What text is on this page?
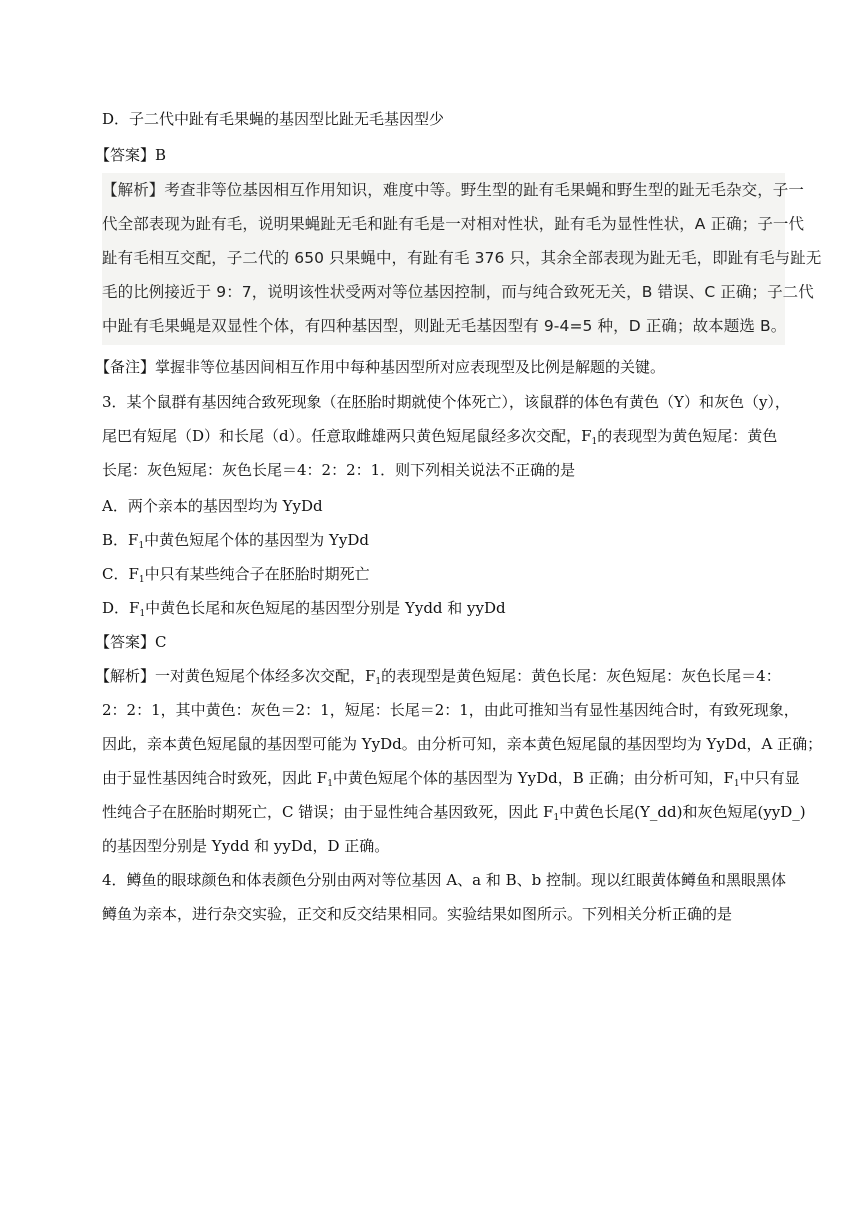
D．子二代中趾有毛果蝇的基因型比趾无毛基因型少
【答案】B
【解析】考查非等位基因相互作用知识，难度中等。野生型的趾有毛果蝇和野生型的趾无毛杂交，子一
代全部表现为趾有毛，说明果蝇趾无毛和趾有毛是一对相对性状，趾有毛为显性性状，A 正确；子一代
趾有毛相互交配，子二代的 650 只果蝇中，有趾有毛 376 只，其余全部表现为趾无毛，即趾有毛与趾无
毛的比例接近于 9：7，说明该性状受两对等位基因控制，而与纯合致死无关，B 错误、C 正确；子二代
中趾有毛果蝇是双显性个体，有四种基因型，则趾无毛基因型有 9-4=5 种，D 正确；故本题选 B。
【备注】掌握非等位基因间相互作用中每种基因型所对应表现型及比例是解题的关键。
3．某个鼠群有基因纯合致死现象（在胚胎时期就使个体死亡），该鼠群的体色有黄色（Y）和灰色（y），
尾巴有短尾（D）和长尾（d）。任意取雌雄两只黄色短尾鼠经多次交配，$F_1$的表现型为黄色短尾：黄色
长尾：灰色短尾：灰色长尾＝4：2：2：1．则下列相关说法不正确的是
A．两个亲本的基因型均为 YyDd
B．$F_1$中黄色短尾个体的基因型为 YyDd
C．$F_1$中只有某些纯合子在胚胎时期死亡
D．$F_1$中黄色长尾和灰色短尾的基因型分别是 Yydd 和 yyDd
【答案】C
【解析】一对黄色短尾个体经多次交配，$F_1$的表现型是黄色短尾：黄色长尾：灰色短尾：灰色长尾＝4：
2：2：1，其中黄色：灰色＝2：1，短尾：长尾＝2：1，由此可推知当有显性基因纯合时，有致死现象，
因此，亲本黄色短尾鼠的基因型可能为 YyDd。由分析可知，亲本黄色短尾鼠的基因型均为 YyDd，A 正确；
由于显性基因纯合时致死，因此 $F_1$中黄色短尾个体的基因型为 YyDd，B 正确；由分析可知，$F_1$中只有显
性纯合子在胚胎时期死亡，C 错误；由于显性纯合基因致死，因此 $F_1$中黄色长尾(Y_dd)和灰色短尾(yyD_)
的基因型分别是 Yydd 和 yyDd，D 正确。
4．鳟鱼的眼球颜色和体表颜色分别由两对等位基因 A、a 和 B、b 控制。现以红眼黄体鳟鱼和黑眼黑体
鳟鱼为亲本，进行杂交实验，正交和反交结果相同。实验结果如图所示。下列相关分析正确的是
